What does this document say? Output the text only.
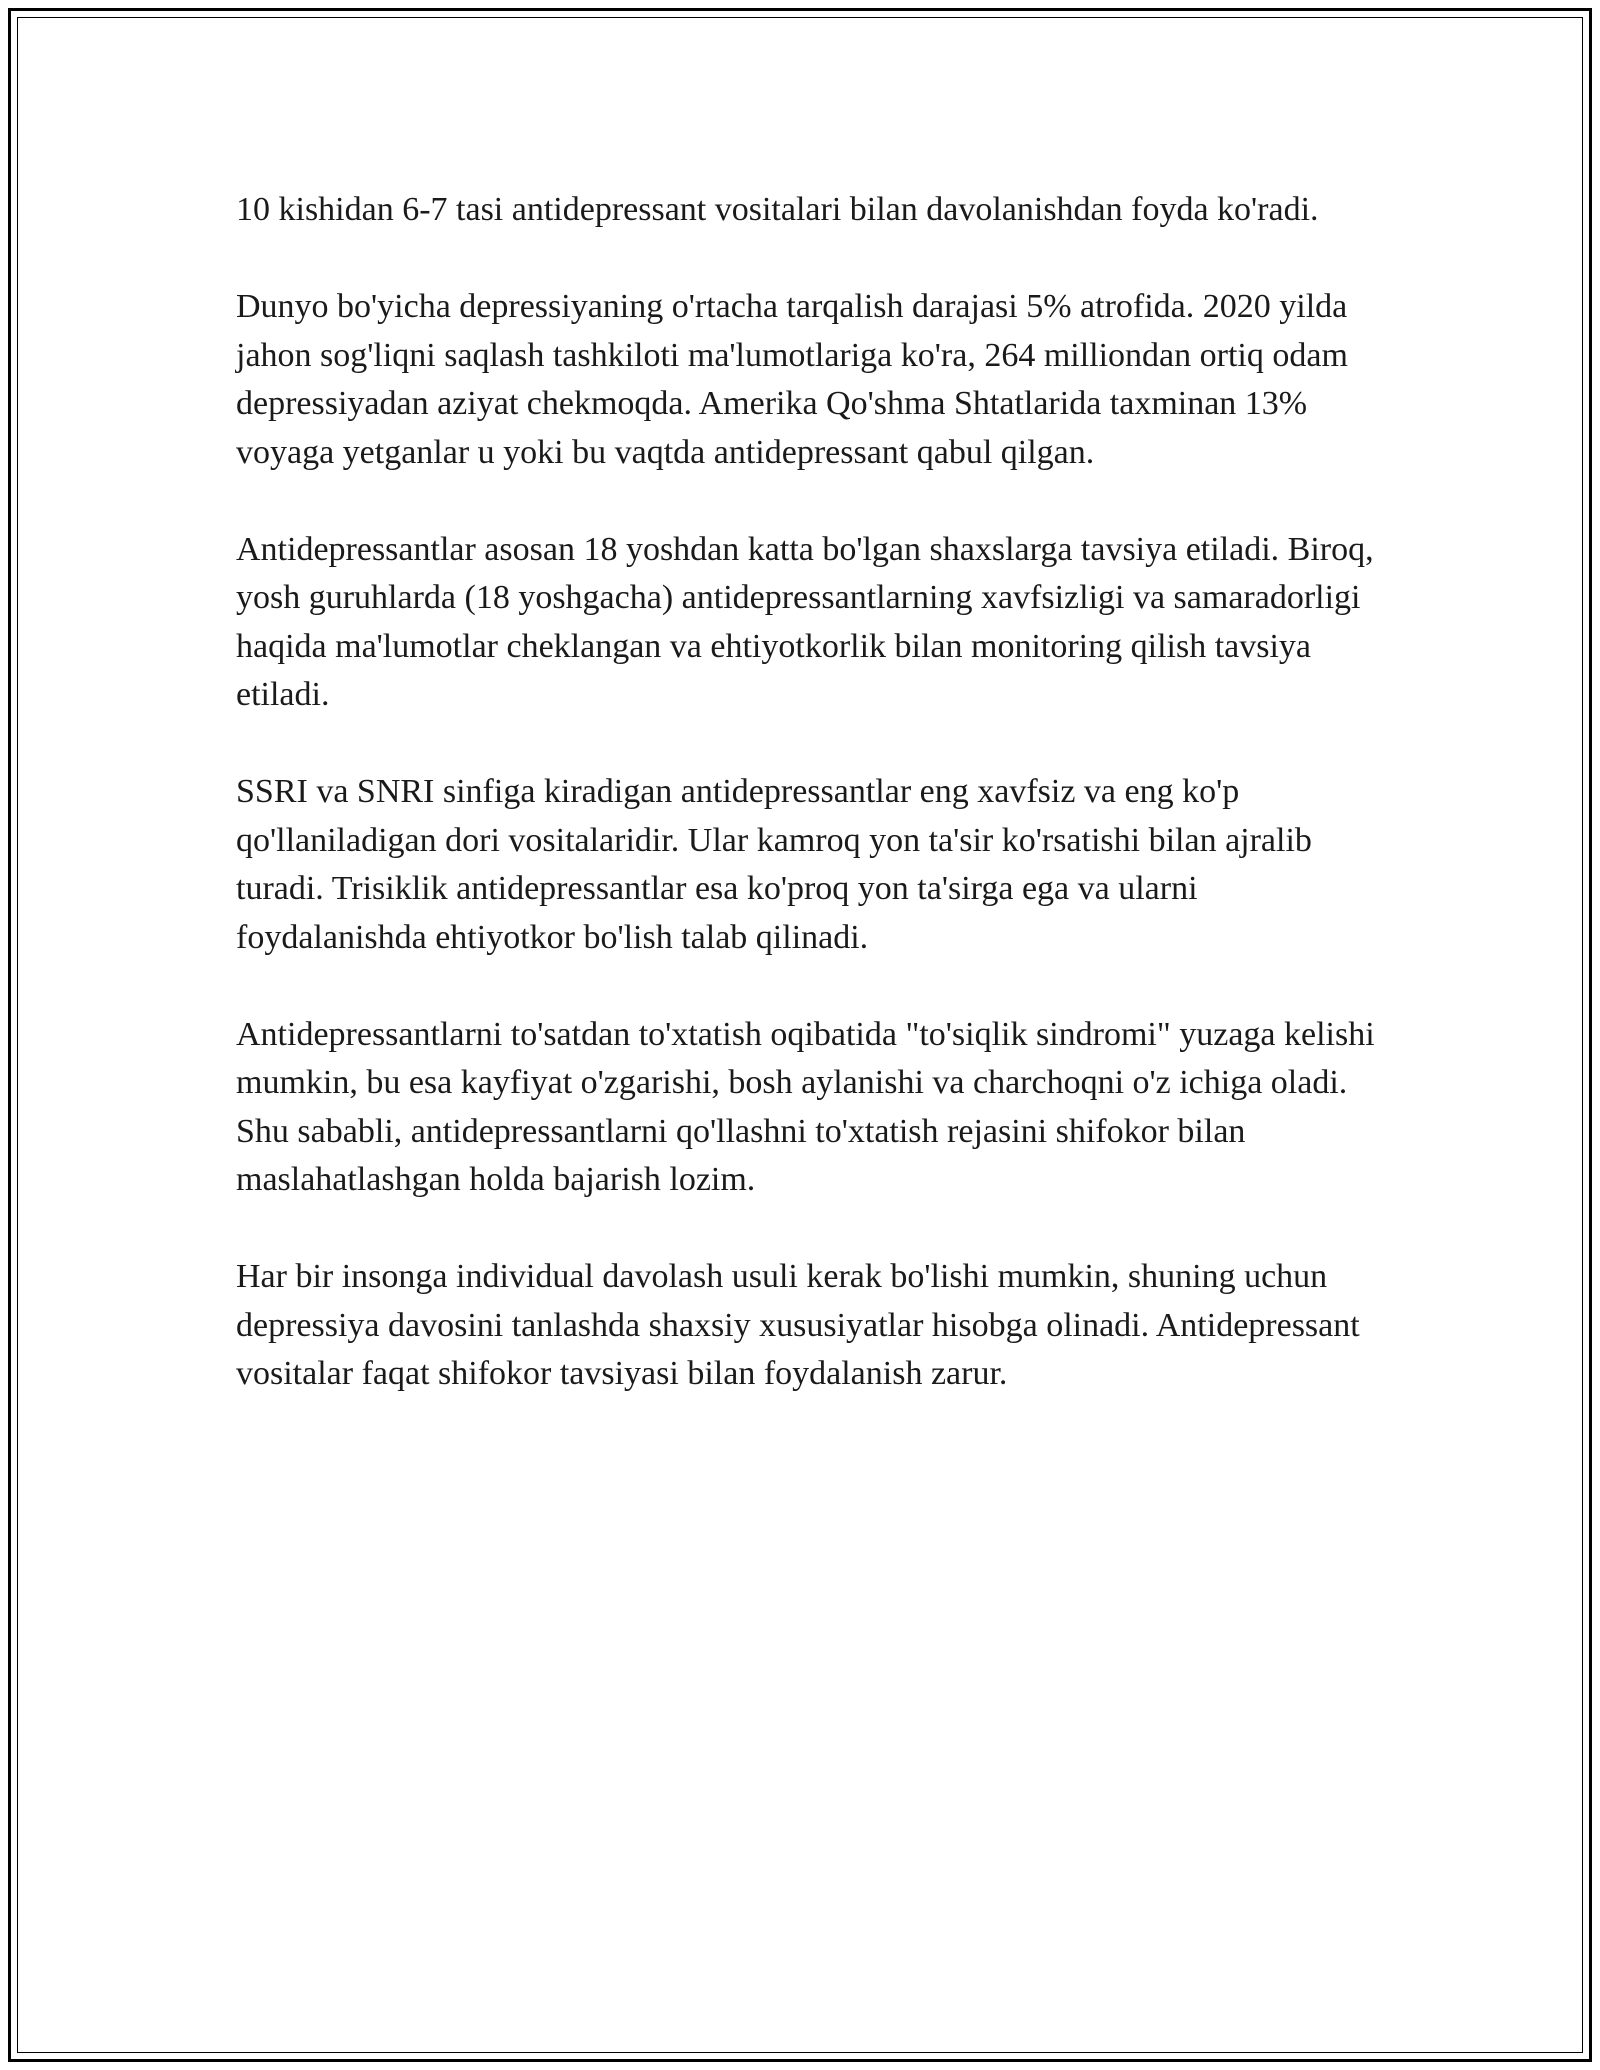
10 kishidan 6-7 tasi antidepressant vositalari bilan davolanishdan foyda ko'radi.

Dunyo bo'yicha depressiyaning o'rtacha tarqalish darajasi 5% atrofida. 2020 yilda jahon sog'liqni saqlash tashkiloti ma'lumotlariga ko'ra, 264 milliondan ortiq odam depressiyadan aziyat chekmoqda. Amerika Qo'shma Shtatlarida taxminan 13% voyaga yetganlar u yoki bu vaqtda antidepressant qabul qilgan.

Antidepressantlar asosan 18 yoshdan katta bo'lgan shaxslarga tavsiya etiladi. Biroq, yosh guruhlarda (18 yoshgacha) antidepressantlarning xavfsizligi va samaradorligi haqida ma'lumotlar cheklangan va ehtiyotkorlik bilan monitoring qilish tavsiya etiladi.

SSRI va SNRI sinfiga kiradigan antidepressantlar eng xavfsiz va eng ko'p qo'llaniladigan dori vositalaridir. Ular kamroq yon ta'sir ko'rsatishi bilan ajralib turadi. Trisiklik antidepressantlar esa ko'proq yon ta'sirga ega va ularni foydalanishda ehtiyotkor bo'lish talab qilinadi.

Antidepressantlarni to'satdan to'xtatish oqibatida "to'siqlik sindromi" yuzaga kelishi mumkin, bu esa kayfiyat o'zgarishi, bosh aylanishi va charchoqni o'z ichiga oladi. Shu sababli, antidepressantlarni qo'llashni to'xtatish rejasini shifokor bilan maslahatlashgan holda bajarish lozim.

Har bir insonga individual davolash usuli kerak bo'lishi mumkin, shuning uchun depressiya davosini tanlashda shaxsiy xususiyatlar hisobga olinadi. Antidepressant vositalar faqat shifokor tavsiyasi bilan foydalanish zarur.
